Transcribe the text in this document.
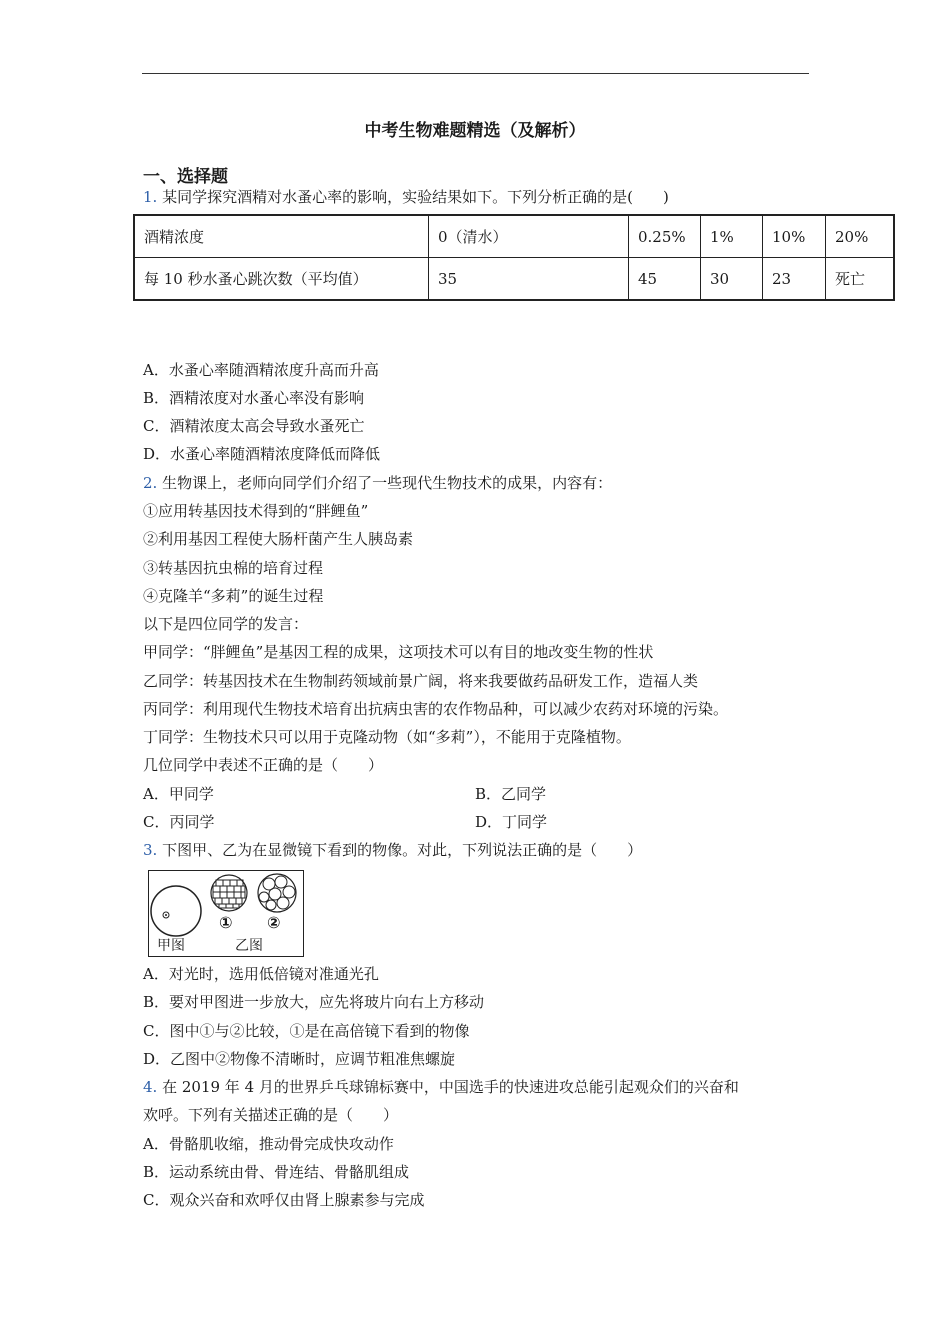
中考生物难题精选（及解析）
一、选择题
1. 某同学探究酒精对水蚤心率的影响，实验结果如下。下列分析正确的是(　　)
酒精浓度	0（清水）	0.25%	1%	10%	20%
每 10 秒水蚤心跳次数（平均值）	35	45	30	23	死亡
A．水蚤心率随酒精浓度升高而升高
B．酒精浓度对水蚤心率没有影响
C．酒精浓度太高会导致水蚤死亡
D．水蚤心率随酒精浓度降低而降低
2. 生物课上，老师向同学们介绍了一些现代生物技术的成果，内容有：
①应用转基因技术得到的“胖鲤鱼”
②利用基因工程使大肠杆菌产生人胰岛素
③转基因抗虫棉的培育过程
④克隆羊“多莉”的诞生过程
以下是四位同学的发言：
甲同学：“胖鲤鱼”是基因工程的成果，这项技术可以有目的地改变生物的性状
乙同学：转基因技术在生物制药领域前景广阔，将来我要做药品研发工作，造福人类
丙同学：利用现代生物技术培育出抗病虫害的农作物品种，可以减少农药对环境的污染。
丁同学：生物技术只可以用于克隆动物（如“多莉”），不能用于克隆植物。
几位同学中表述不正确的是（　　）
A．甲同学	B．乙同学
C．丙同学	D．丁同学
3. 下图甲、乙为在显微镜下看到的物像。对此，下列说法正确的是（　　）
① ②
甲图	乙图
A．对光时，选用低倍镜对准通光孔
B．要对甲图进一步放大，应先将玻片向右上方移动
C．图中①与②比较，①是在高倍镜下看到的物像
D．乙图中②物像不清晰时，应调节粗准焦螺旋
4. 在 2019 年 4 月的世界乒乓球锦标赛中，中国选手的快速进攻总能引起观众们的兴奋和
欢呼。下列有关描述正确的是（　　）
A．骨骼肌收缩，推动骨完成快攻动作
B．运动系统由骨、骨连结、骨骼肌组成
C．观众兴奋和欢呼仅由肾上腺素参与完成
